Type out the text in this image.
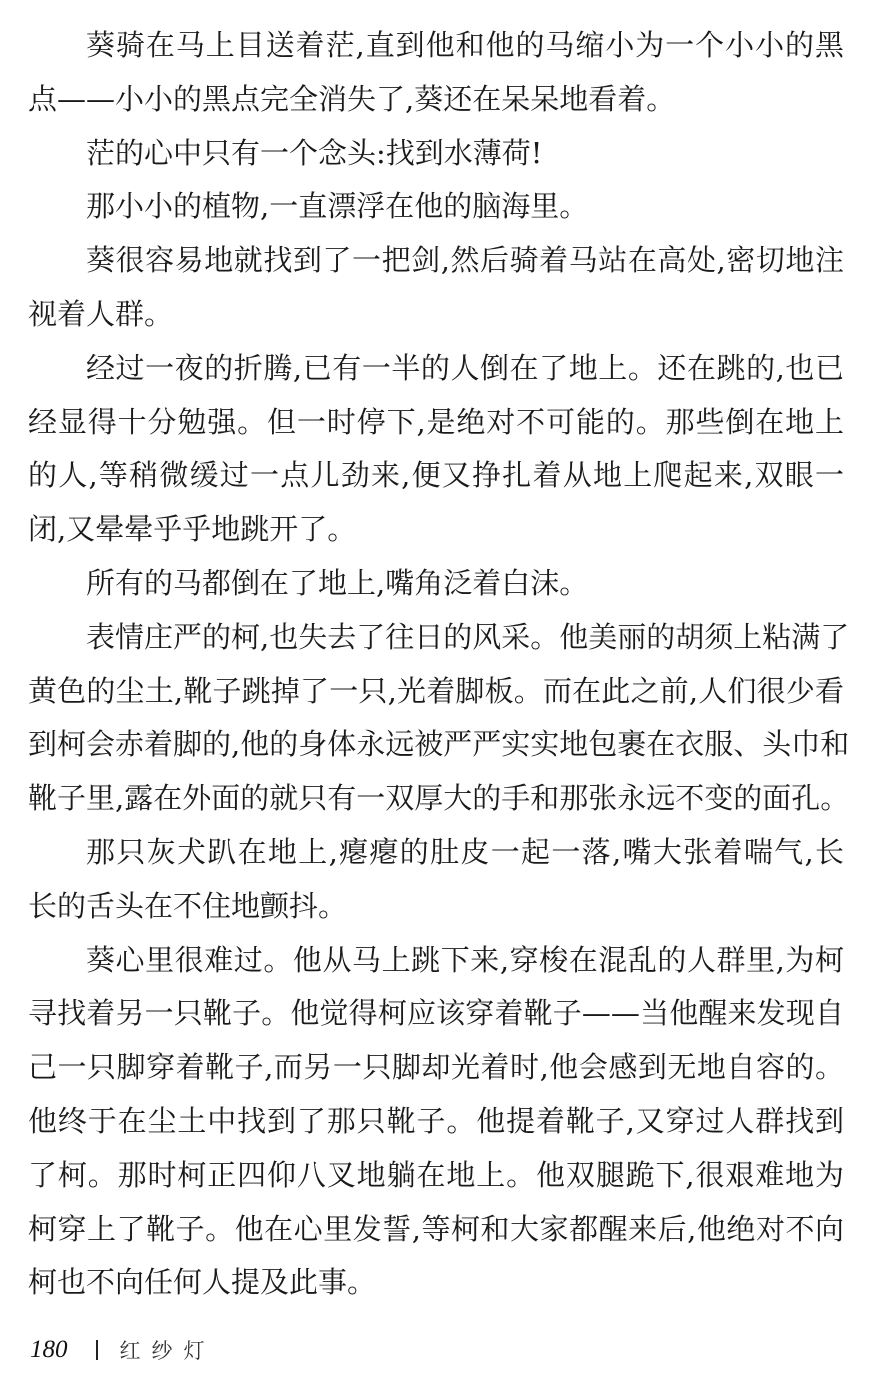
葵骑在马上目送着茫,直到他和他的马缩小为一个小小的黑
点——小小的黑点完全消失了,葵还在呆呆地看着。
茫的心中只有一个念头:找到水薄荷!
那小小的植物,一直漂浮在他的脑海里。
葵很容易地就找到了一把剑,然后骑着马站在高处,密切地注
视着人群。
经过一夜的折腾,已有一半的人倒在了地上。还在跳的,也已
经显得十分勉强。但一时停下,是绝对不可能的。那些倒在地上
的人,等稍微缓过一点儿劲来,便又挣扎着从地上爬起来,双眼一
闭,又晕晕乎乎地跳开了。
所有的马都倒在了地上,嘴角泛着白沫。
表情庄严的柯,也失去了往日的风采。他美丽的胡须上粘满了
黄色的尘土,靴子跳掉了一只,光着脚板。而在此之前,人们很少看
到柯会赤着脚的,他的身体永远被严严实实地包裹在衣服、头巾和
靴子里,露在外面的就只有一双厚大的手和那张永远不变的面孔。
那只灰犬趴在地上,瘪瘪的肚皮一起一落,嘴大张着喘气,长
长的舌头在不住地颤抖。
葵心里很难过。他从马上跳下来,穿梭在混乱的人群里,为柯
寻找着另一只靴子。他觉得柯应该穿着靴子——当他醒来发现自
己一只脚穿着靴子,而另一只脚却光着时,他会感到无地自容的。
他终于在尘土中找到了那只靴子。他提着靴子,又穿过人群找到
了柯。那时柯正四仰八叉地躺在地上。他双腿跪下,很艰难地为
柯穿上了靴子。他在心里发誓,等柯和大家都醒来后,他绝对不向
柯也不向任何人提及此事。
180 红纱灯
